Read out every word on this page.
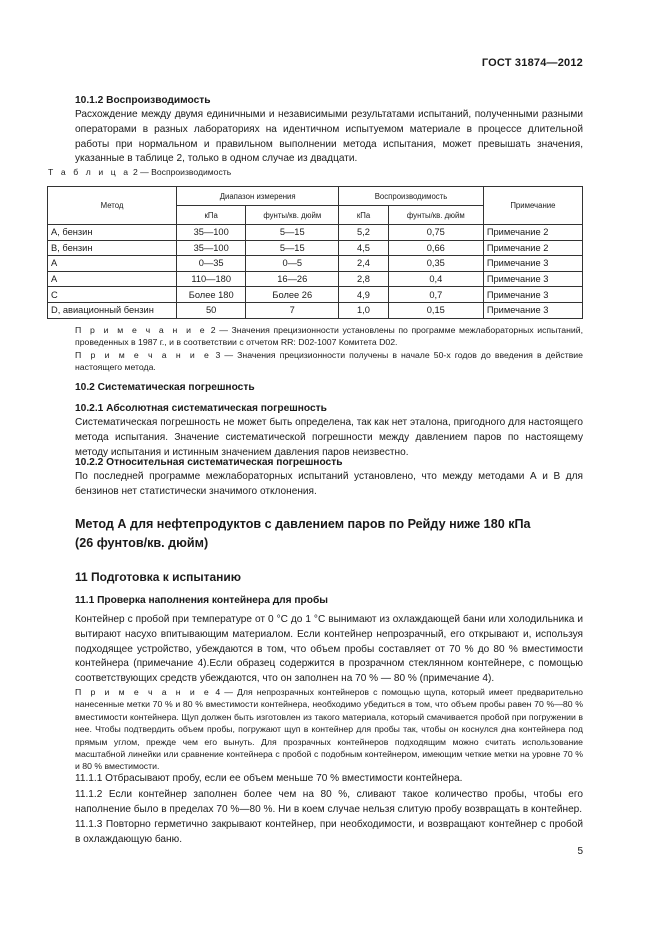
ГОСТ 31874—2012
10.1.2 Воспроизводимость

Расхождение между двумя единичными и независимыми результатами испытаний, полученными разными операторами в разных лабораториях на идентичном испытуемом материале в процессе длительной работы при нормальном и правильном выполнении метода испытания, может превышать значения, указанные в таблице 2, только в одном случае из двадцати.

Т а б л и ц а 2 — Воспроизводимость
Метод	Диапазон измерения		Воспроизводимость		Примечание
	кПа	фунты/кв. дюйм	кПа	фунты/кв. дюйм	
А, бензин	35—100	5—15	5,2	0,75	Примечание 2
В, бензин	35—100	5—15	4,5	0,66	Примечание 2
А	0—35	0—5	2,4	0,35	Примечание 3
А	110—180	16—26	2,8	0,4	Примечание 3
С	Более 180	Более 26	4,9	0,7	Примечание 3
D, авиационный бензин	50	7	1,0	0,15	Примечание 3

П р и м е ч а н и е 2 — Значения прецизионности установлены по программе межлабораторных испытаний, проведенных в 1987 г., и в соответствии с отчетом RR: D02-1007 Комитета D02.

П р и м е ч а н и е 3 — Значения прецизионности получены в начале 50-х годов до введения в действие настоящего метода.

10.2 Систематическая погрешность
10.2.1 Абсолютная систематическая погрешность

Систематическая погрешность не может быть определена, так как нет эталона, пригодного для настоящего метода испытания. Значение систематической погрешности между давлением паров по настоящему методу испытания и истинным значением давления паров неизвестно.

10.2.2 Относительная систематическая погрешность

По последней программе межлабораторных испытаний установлено, что между методами А и В для бензинов нет статистически значимого отклонения.

Метод А для нефтепродуктов с давлением паров по Рейду ниже 180 кПа
(26 фунтов/кв. дюйм)
11 Подготовка к испытанию
11.1 Проверка наполнения контейнера для пробы

Контейнер с пробой при температуре от 0 °С до 1 °С вынимают из охлаждающей бани или холодильника и вытирают насухо впитывающим материалом. Если контейнер непрозрачный, его открывают и, используя подходящее устройство, убеждаются в том, что объем пробы составляет от 70 % до 80 % вместимости контейнера (примечание 4).Если образец содержится в прозрачном стеклянном контейнере, с помощью соответствующих средств убеждаются, что он заполнен на 70 % — 80 % (примечание 4).

П р и м е ч а н и е 4 — Для непрозрачных контейнеров с помощью щупа, который имеет предварительно нанесенные метки 70 % и 80 % вместимости контейнера, необходимо убедиться в том, что объем пробы равен 70 %—80 % вместимости контейнера. Щуп должен быть изготовлен из такого материала, который смачивается пробой при погружении в нее. Чтобы подтвердить объем пробы, погружают щуп в контейнер для пробы так, чтобы он коснулся дна контейнера под прямым углом, прежде чем его вынуть. Для прозрачных контейнеров подходящим можно считать использование масштабной линейки или сравнение контейнера с пробой с подобным контейнером, имеющим четкие метки на уровне 70 % и 80 % вместимости.

11.1.1 Отбрасывают пробу, если ее объем меньше 70 % вместимости контейнера.

11.1.2 Если контейнер заполнен более чем на 80 %, сливают такое количество пробы, чтобы его наполнение было в пределах 70 %—80 %. Ни в коем случае нельзя слитую пробу возвращать в контейнер.

11.1.3 Повторно герметично закрывают контейнер, при необходимости, и возвращают контейнер с пробой в охлаждающую баню.

5
